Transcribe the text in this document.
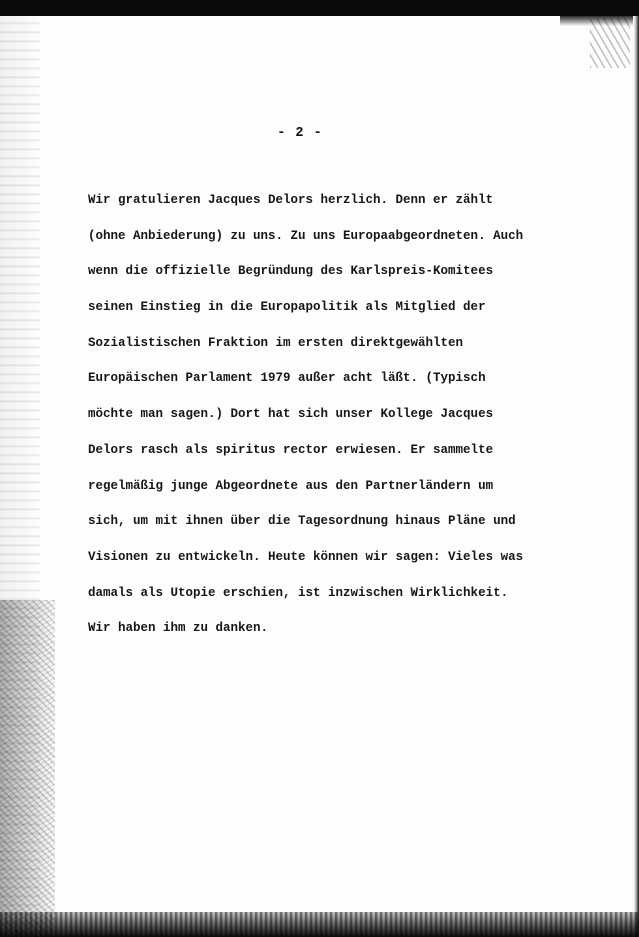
- 2 -

Wir gratulieren Jacques Delors herzlich. Denn er zählt

(ohne Anbiederung) zu uns. Zu uns Europaabgeordneten. Auch

wenn die offizielle Begründung des Karlspreis-Komitees

seinen Einstieg in die Europapolitik als Mitglied der

Sozialistischen Fraktion im ersten direktgewählten

Europäischen Parlament 1979 außer acht läßt. (Typisch

möchte man sagen.) Dort hat sich unser Kollege Jacques

Delors rasch als spiritus rector erwiesen. Er sammelte

regelmäßig junge Abgeordnete aus den Partnerländern um

sich, um mit ihnen über die Tagesordnung hinaus Pläne und

Visionen zu entwickeln. Heute können wir sagen: Vieles was

damals als Utopie erschien, ist inzwischen Wirklichkeit.

Wir haben ihm zu danken.
